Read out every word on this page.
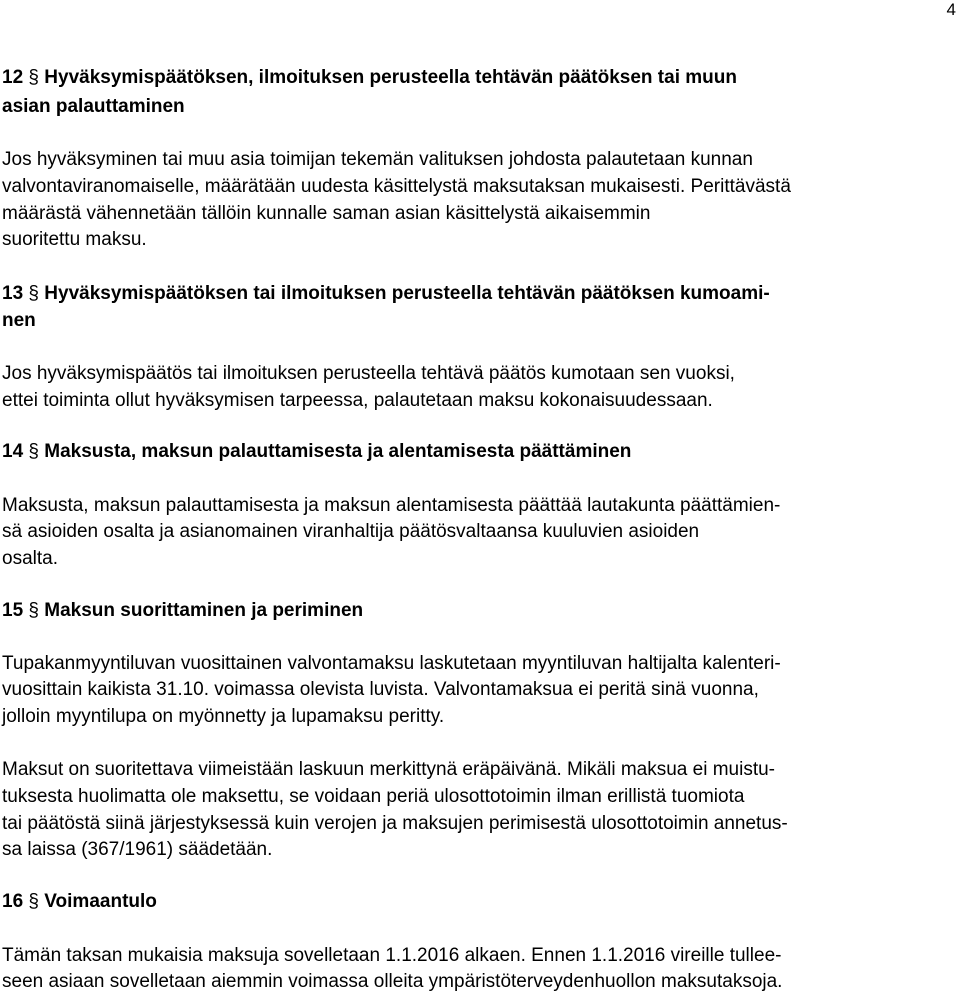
4
12 § Hyväksymispäätöksen, ilmoituksen perusteella tehtävän päätöksen tai muun
asian palauttaminen
Jos hyväksyminen tai muu asia toimijan tekemän valituksen johdosta palautetaan kunnan
valvontaviranomaiselle, määrätään uudesta käsittelystä maksutaksan mukaisesti. Perittävästä
määrästä vähennetään tällöin kunnalle saman asian käsittelystä aikaisemmin
suoritettu maksu.
13 § Hyväksymispäätöksen tai ilmoituksen perusteella tehtävän päätöksen kumoami-
nen
Jos hyväksymispäätös tai ilmoituksen perusteella tehtävä päätös kumotaan sen vuoksi,
ettei toiminta ollut hyväksymisen tarpeessa, palautetaan maksu kokonaisuudessaan.
14 § Maksusta, maksun palauttamisesta ja alentamisesta päättäminen
Maksusta, maksun palauttamisesta ja maksun alentamisesta päättää lautakunta päättämien-
sä asioiden osalta ja asianomainen viranhaltija päätösvaltaansa kuuluvien asioiden
osalta.
15 § Maksun suorittaminen ja periminen
Tupakanmyyntiluvan vuosittainen valvontamaksu laskutetaan myyntiluvan haltijalta kalenteri-
vuosittain kaikista 31.10. voimassa olevista luvista. Valvontamaksua ei peritä sinä vuonna,
jolloin myyntilupa on myönnetty ja lupamaksu peritty.
Maksut on suoritettava viimeistään laskuun merkittynä eräpäivänä. Mikäli maksua ei muistu-
tuksesta huolimatta ole maksettu, se voidaan periä ulosottotoimin ilman erillistä tuomiota
tai päätöstä siinä järjestyksessä kuin verojen ja maksujen perimisestä ulosottotoimin annetus-
sa laissa (367/1961) säädetään.
16 § Voimaantulo
Tämän taksan mukaisia maksuja sovelletaan 1.1.2016 alkaen. Ennen 1.1.2016 vireille tullee-
seen asiaan sovelletaan aiemmin voimassa olleita ympäristöterveydenhuollon maksutaksoja.
